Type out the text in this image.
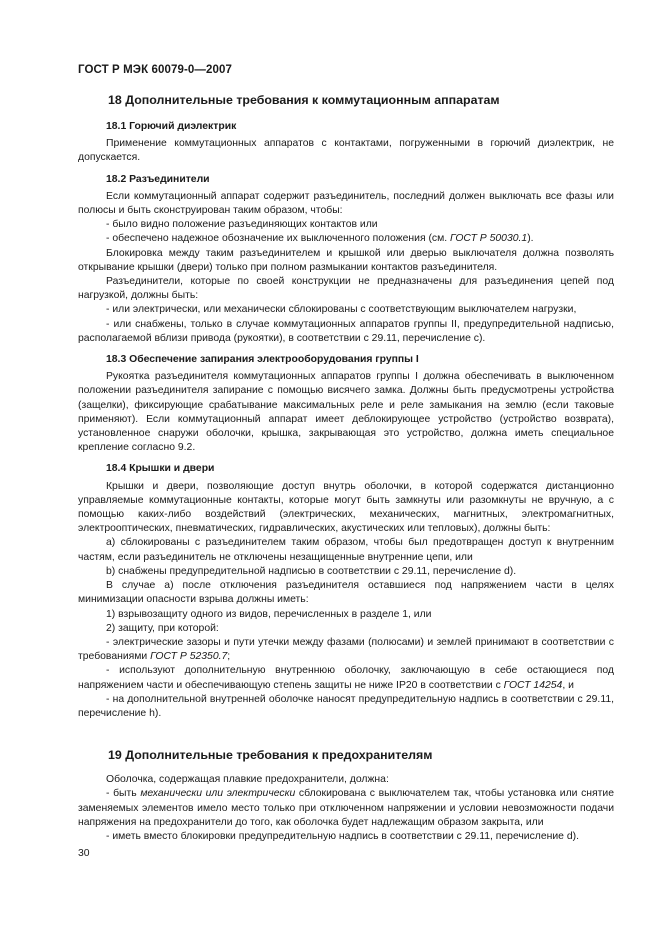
ГОСТ Р МЭК 60079-0—2007
18 Дополнительные требования к коммутационным аппаратам
18.1 Горючий диэлектрик

Применение коммутационных аппаратов с контактами, погруженными в горючий диэлектрик, не допускается.

18.2 Разъединители

Если коммутационный аппарат содержит разъединитель, последний должен выключать все фазы или полюсы и быть сконструирован таким образом, чтобы:

- было видно положение разъединяющих контактов или

- обеспечено надежное обозначение их выключенного положения (см. ГОСТ Р 50030.1).

Блокировка между таким разъединителем и крышкой или дверью выключателя должна позволять открывание крышки (двери) только при полном размыкании контактов разъединителя.

Разъединители, которые по своей конструкции не предназначены для разъединения цепей под нагрузкой, должны быть:

- или электрически, или механически сблокированы с соответствующим выключателем нагрузки,

- или снабжены, только в случае коммутационных аппаратов группы II, предупредительной надписью, располагаемой вблизи привода (рукоятки), в соответствии с 29.11, перечисление c).

18.3 Обеспечение запирания электрооборудования группы I

Рукоятка разъединителя коммутационных аппаратов группы I должна обеспечивать в выключенном положении разъединителя запирание с помощью висячего замка. Должны быть предусмотрены устройства (защелки), фиксирующие срабатывание максимальных реле и реле замыкания на землю (если таковые применяют). Если коммутационный аппарат имеет деблокирующее устройство (устройство возврата), установленное снаружи оболочки, крышка, закрывающая это устройство, должна иметь специальное крепление согласно 9.2.

18.4 Крышки и двери

Крышки и двери, позволяющие доступ внутрь оболочки, в которой содержатся дистанционно управляемые коммутационные контакты, которые могут быть замкнуты или разомкнуты не вручную, а с помощью каких-либо воздействий (электрических, механических, магнитных, электромагнитных, электрооптических, пневматических, гидравлических, акустических или тепловых), должны быть:

а) сблокированы с разъединителем таким образом, чтобы был предотвращен доступ к внутренним частям, если разъединитель не отключены незащищенные внутренние цепи, или

b) снабжены предупредительной надписью в соответствии с 29.11, перечисление d).

В случае а) после отключения разъединителя оставшиеся под напряжением части в целях минимизации опасности взрыва должны иметь:

1) взрывозащиту одного из видов, перечисленных в разделе 1, или

2) защиту, при которой:

- электрические зазоры и пути утечки между фазами (полюсами) и землей принимают в соответствии с требованиями ГОСТ Р 52350.7;

- используют дополнительную внутреннюю оболочку, заключающую в себе остающиеся под напряжением части и обеспечивающую степень защиты не ниже IP20 в соответствии с ГОСТ 14254, и

- на дополнительной внутренней оболочке наносят предупредительную надпись в соответствии с 29.11, перечисление h).

19 Дополнительные требования к предохранителям

Оболочка, содержащая плавкие предохранители, должна:

- быть механически или электрически сблокирована с выключателем так, чтобы установка или снятие заменяемых элементов имело место только при отключенном напряжении и условии невозможности подачи напряжения на предохранители до того, как оболочка будет надлежащим образом закрыта, или

- иметь вместо блокировки предупредительную надпись в соответствии с 29.11, перечисление d).

30
